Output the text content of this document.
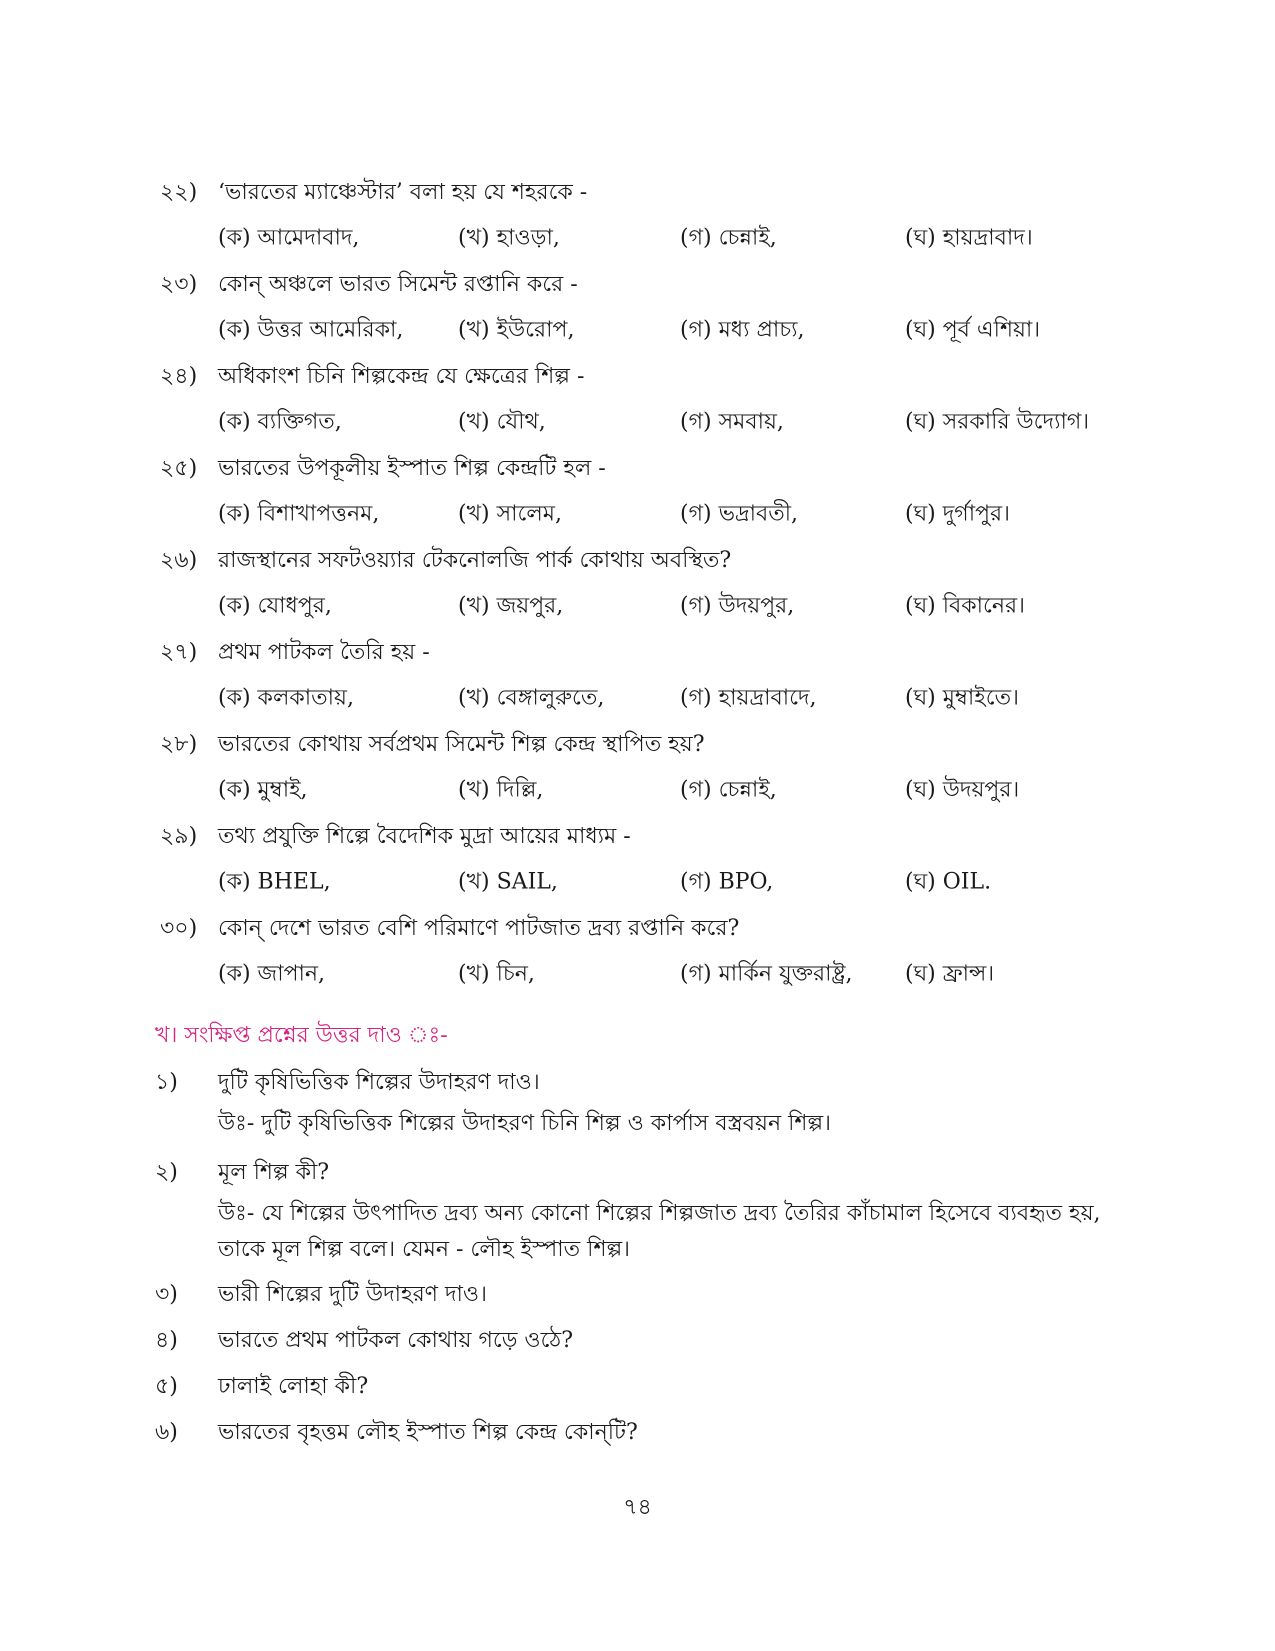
২২) ‘ভারতের ম্যাঞ্চেস্টার’ বলা হয় যে শহরকে -
(ক) আমেদাবাদ,	(খ) হাওড়া,	(গ) চেন্নাই,	(ঘ) হায়দ্রাবাদ।
২৩) কোন্ অঞ্চলে ভারত সিমেন্ট রপ্তানি করে -
(ক) উত্তর আমেরিকা, (খ) ইউরোপ,	(গ) মধ্য প্রাচ্য,	(ঘ) পূর্ব এশিয়া।
২৪) অধিকাংশ চিনি শিল্পকেন্দ্র যে ক্ষেত্রের শিল্প -
(ক) ব্যক্তিগত,	(খ) যৌথ,	(গ) সমবায়,	(ঘ) সরকারি উদ্যোগ।
২৫) ভারতের উপকূলীয় ইস্পাত শিল্প কেন্দ্রটি হল -
(ক) বিশাখাপত্তনম,	(খ) সালেম,	(গ) ভদ্রাবতী,	(ঘ) দুর্গাপুর।
২৬) রাজস্থানের সফটওয়্যার টেকনোলজি পার্ক কোথায় অবস্থিত?
(ক) যোধপুর,	(খ) জয়পুর,	(গ) উদয়পুর,	(ঘ) বিকানের।
২৭) প্রথম পাটকল তৈরি হয় -
(ক) কলকাতায়,	(খ) বেঙ্গালুরুতে,	(গ) হায়দ্রাবাদে,	(ঘ) মুম্বাইতে।
২৮) ভারতের কোথায় সর্বপ্রথম সিমেন্ট শিল্প কেন্দ্র স্থাপিত হয়?
(ক) মুম্বাই,	(খ) দিল্লি,	(গ) চেন্নাই,	(ঘ) উদয়পুর।
২৯) তথ্য প্রযুক্তি শিল্পে বৈদেশিক মুদ্রা আয়ের মাধ্যম -
(ক) BHEL,	(খ) SAIL,	(গ) BPO,	(ঘ) OIL.
৩০) কোন্ দেশে ভারত বেশি পরিমাণে পাটজাত দ্রব্য রপ্তানি করে?
(ক) জাপান,	(খ) চিন,	(গ) মার্কিন যুক্তরাষ্ট্র, (ঘ) ফ্রান্স।
খ। সংক্ষিপ্ত প্রশ্নের উত্তর দাও ঃ-
১)	দুটি কৃষিভিত্তিক শিল্পের উদাহরণ দাও।
উঃ- দুটি কৃষিভিত্তিক শিল্পের উদাহরণ চিনি শিল্প ও কার্পাস বস্ত্রবয়ন শিল্প।
২)	মূল শিল্প কী?
উঃ- যে শিল্পের উৎপাদিত দ্রব্য অন্য কোনো শিল্পের শিল্পজাত দ্রব্য তৈরির কাঁচামাল হিসেবে ব্যবহৃত হয়, তাকে মূল শিল্প বলে। যেমন - লৌহ ইস্পাত শিল্প।
৩)	ভারী শিল্পের দুটি উদাহরণ দাও।
৪)	ভারতে প্রথম পাটকল কোথায় গড়ে ওঠে?
৫)	ঢালাই লোহা কী?
৬)	ভারতের বৃহত্তম লৌহ ইস্পাত শিল্প কেন্দ্র কোন্‌টি?
৭৪
